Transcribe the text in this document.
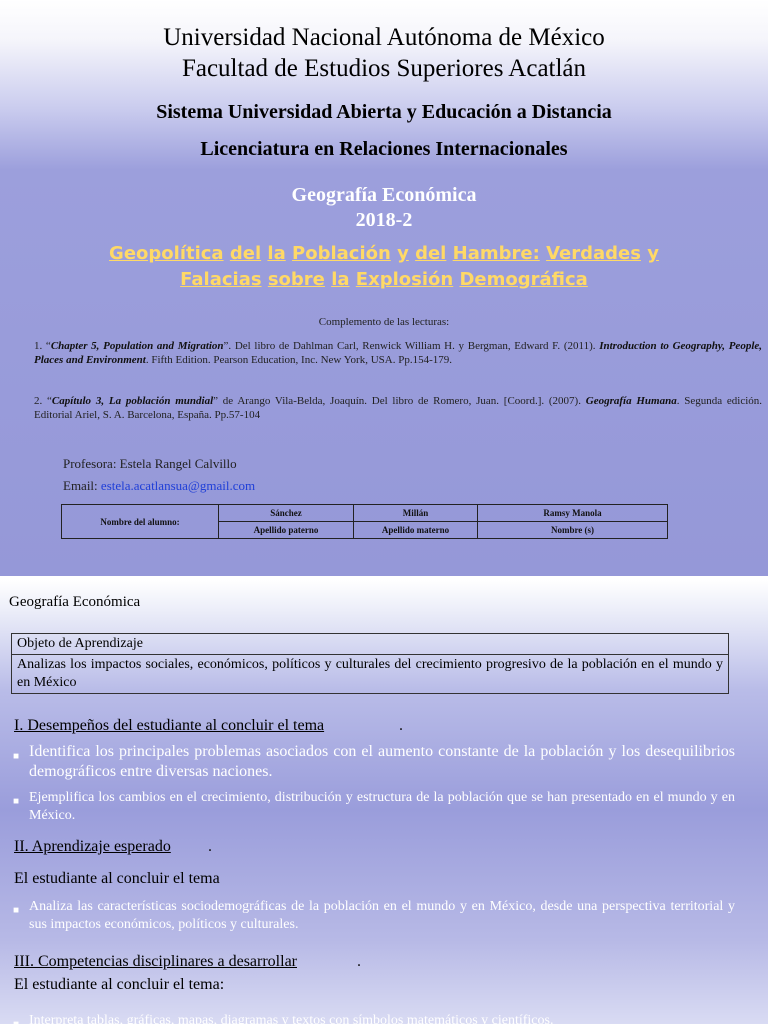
Universidad Nacional Autónoma de México
Facultad de Estudios Superiores Acatlán
Sistema Universidad Abierta y Educación a Distancia
Licenciatura en Relaciones Internacionales
Geografía Económica
2018-2
Geopolítica del la Población y del Hambre: Verdades y
Falacias sobre la Explosión Demográfica
Complemento de las lecturas:
1. “Chapter 5, Population and Migration”. Del libro de Dahlman Carl, Renwick William H. y Bergman, Edward F. (2011). Introduction to Geography, People, Places and Environment. Fifth Edition. Pearson Education, Inc. New York, USA. Pp.154-179.
2. “Capítulo 3, La población mundial” de Arango Vila-Belda, Joaquín. Del libro de Romero, Juan. [Coord.]. (2007). Geografía Humana. Segunda edición. Editorial Ariel, S. A. Barcelona, España. Pp.57-104
Profesora: Estela Rangel Calvillo
Email: estela.acatlansua@gmail.com
Nombre del alumno:	Sánchez	Millán	Ramsy Manola
	Apellido paterno	Apellido materno	Nombre (s)
Geografía Económica
Objeto de Aprendizaje
Analizas los impactos sociales, económicos, políticos y culturales del crecimiento progresivo de la población en el mundo y en México
I. Desempeños del estudiante al concluir el tema	.
■ Identifica los principales problemas asociados con el aumento constante de la población y los desequilibrios demográficos entre diversas naciones.
■ Ejemplifica los cambios en el crecimiento, distribución y estructura de la población que se han presentado en el mundo y en México.
II. Aprendizaje esperado .
El estudiante al concluir el tema
■ Analiza las características sociodemográficas de la población en el mundo y en México, desde una perspectiva territorial y sus impactos económicos, políticos y culturales.
III. Competencias disciplinares a desarrollar	.
El estudiante al concluir el tema:
■ Interpreta tablas, gráficas, mapas, diagramas y textos con símbolos matemáticos y científicos.
